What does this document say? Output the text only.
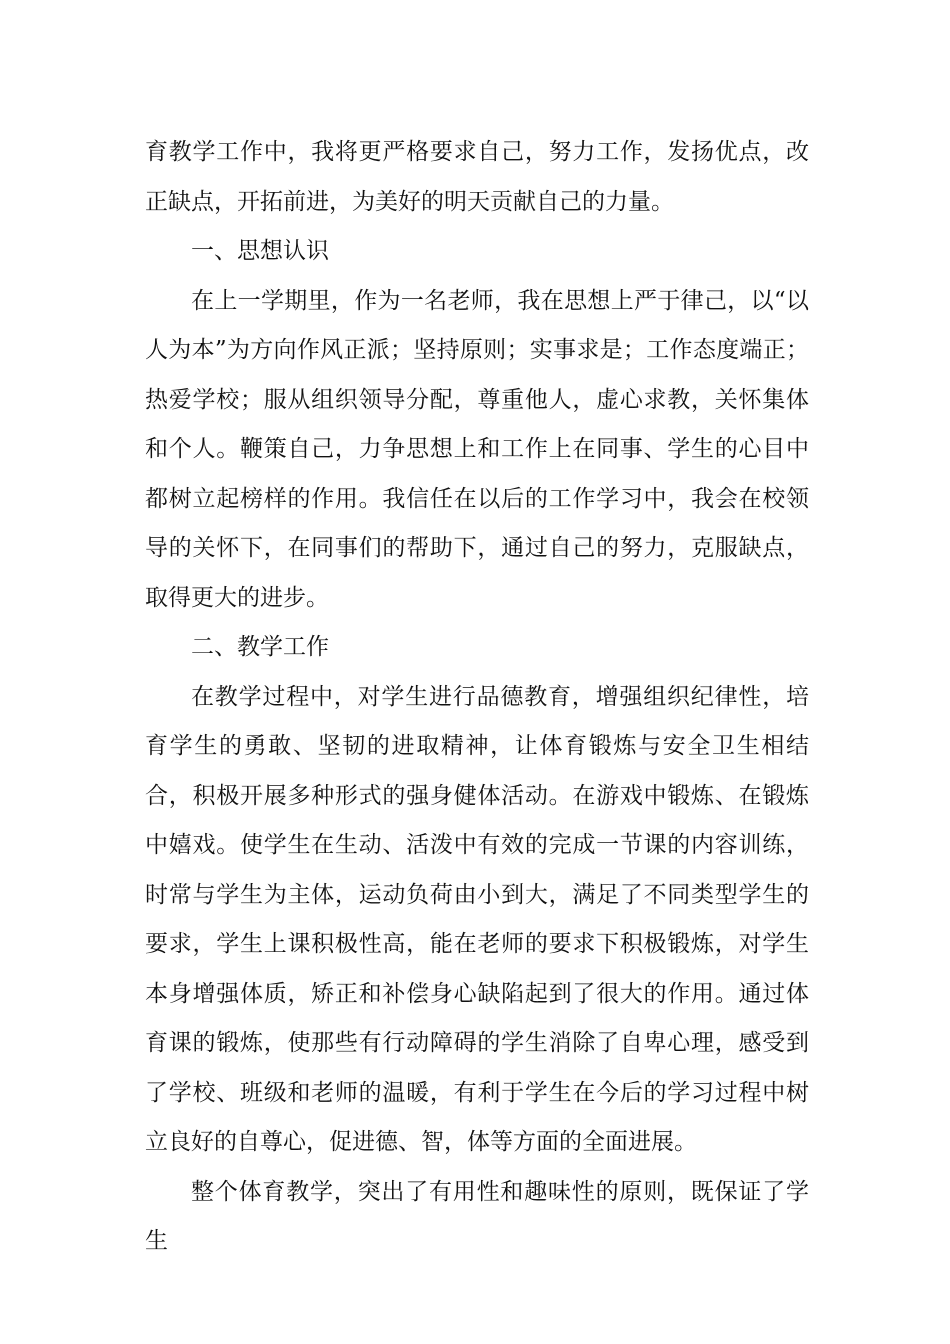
育教学工作中，我将更严格要求自己，努力工作，发扬优点，改正缺点，开拓前进，为美好的明天贡献自己的力量。

一、思想认识

在上一学期里，作为一名老师，我在思想上严于律己，以“以人为本”为方向作风正派；坚持原则；实事求是；工作态度端正；热爱学校；服从组织领导分配，尊重他人，虚心求教，关怀集体和个人。鞭策自己，力争思想上和工作上在同事、学生的心目中都树立起榜样的作用。我信任在以后的工作学习中，我会在校领导的关怀下，在同事们的帮助下，通过自己的努力，克服缺点，取得更大的进步。

二、教学工作

在教学过程中，对学生进行品德教育，增强组织纪律性，培育学生的勇敢、坚韧的进取精神，让体育锻炼与安全卫生相结合，积极开展多种形式的强身健体活动。在游戏中锻炼、在锻炼中嬉戏。使学生在生动、活泼中有效的完成一节课的内容训练，时常与学生为主体，运动负荷由小到大，满足了不同类型学生的要求，学生上课积极性高，能在老师的要求下积极锻炼，对学生本身增强体质，矫正和补偿身心缺陷起到了很大的作用。通过体育课的锻炼，使那些有行动障碍的学生消除了自卑心理，感受到了学校、班级和老师的温暖，有利于学生在今后的学习过程中树立良好的自尊心，促进德、智，体等方面的全面进展。

整个体育教学，突出了有用性和趣味性的原则，既保证了学生
